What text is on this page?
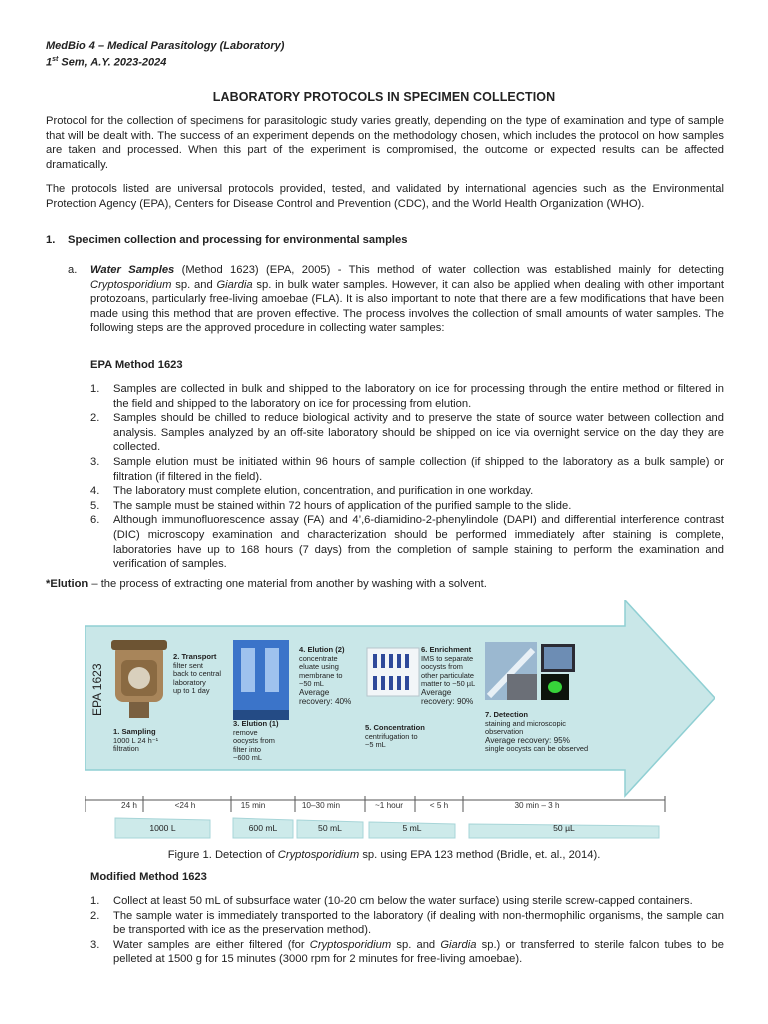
MedBio 4 – Medical Parasitology (Laboratory)
1st Sem, A.Y. 2023-2024
LABORATORY PROTOCOLS IN SPECIMEN COLLECTION
Protocol for the collection of specimens for parasitologic study varies greatly, depending on the type of examination and type of sample that will be dealt with. The success of an experiment depends on the methodology chosen, which includes the protocol on how samples are taken and processed. When this part of the experiment is compromised, the outcome or expected results can be affected dramatically.
The protocols listed are universal protocols provided, tested, and validated by international agencies such as the Environmental Protection Agency (EPA), Centers for Disease Control and Prevention (CDC), and the World Health Organization (WHO).
1. Specimen collection and processing for environmental samples
a. Water Samples (Method 1623) (EPA, 2005) - This method of water collection was established mainly for detecting Cryptosporidium sp. and Giardia sp. in bulk water samples. However, it can also be applied when dealing with other important protozoans, particularly free-living amoebae (FLA). It is also important to note that there are a few modifications that have been made using this method that are proven effective. The process involves the collection of small amounts of water samples. The following steps are the approved procedure in collecting water samples:
EPA Method 1623
1. Samples are collected in bulk and shipped to the laboratory on ice for processing through the entire method or filtered in the field and shipped to the laboratory on ice for processing from elution.
2. Samples should be chilled to reduce biological activity and to preserve the state of source water between collection and analysis. Samples analyzed by an off-site laboratory should be shipped on ice via overnight service on the day they are collected.
3. Sample elution must be initiated within 96 hours of sample collection (if shipped to the laboratory as a bulk sample) or filtration (if filtered in the field).
4. The laboratory must complete elution, concentration, and purification in one workday.
5. The sample must be stained within 72 hours of application of the purified sample to the slide.
6. Although immunofluorescence assay (FA) and 4’,6-diamidino-2-phenylindole (DAPI) and differential interference contrast (DIC) microscopy examination and characterization should be performed immediately after staining is complete, laboratories have up to 168 hours (7 days) from the completion of sample staining to perform the examination and verification of samples.
*Elution – the process of extracting one material from another by washing with a solvent.
EPA 1623
1. Sampling
1000 L 24 h⁻¹
filtration
2. Transport
filter sent
back to central
laboratory
up to 1 day
3. Elution (1)
remove
oocysts from
filter into
~600 mL
4. Elution (2)
concentrate
eluate using
membrane to
~50 mL
Average
recovery: 40%
5. Concentration
centrifugation to
~5 mL
6. Enrichment
IMS to separate
oocysts from
other particulate
matter to ~50 µL
Average
recovery: 90%
7. Detection
staining and microscopic
observation
Average recovery: 95%
single oocysts can be observed
24 h	<24 h	15 min	10–30 min	~1 hour	< 5 h	30 min – 3 h
1000 L	600 mL	50 mL	5 mL	50 µL
Figure 1. Detection of Cryptosporidium sp. using EPA 123 method (Bridle, et. al., 2014).
Modified Method 1623
1. Collect at least 50 mL of subsurface water (10-20 cm below the water surface) using sterile screw-capped containers.
2. The sample water is immediately transported to the laboratory (if dealing with non-thermophilic organisms, the sample can be transported with ice as the preservation method).
3. Water samples are either filtered (for Cryptosporidium sp. and Giardia sp.) or transferred to sterile falcon tubes to be pelleted at 1500 g for 15 minutes (3000 rpm for 2 minutes for free-living amoebae).
